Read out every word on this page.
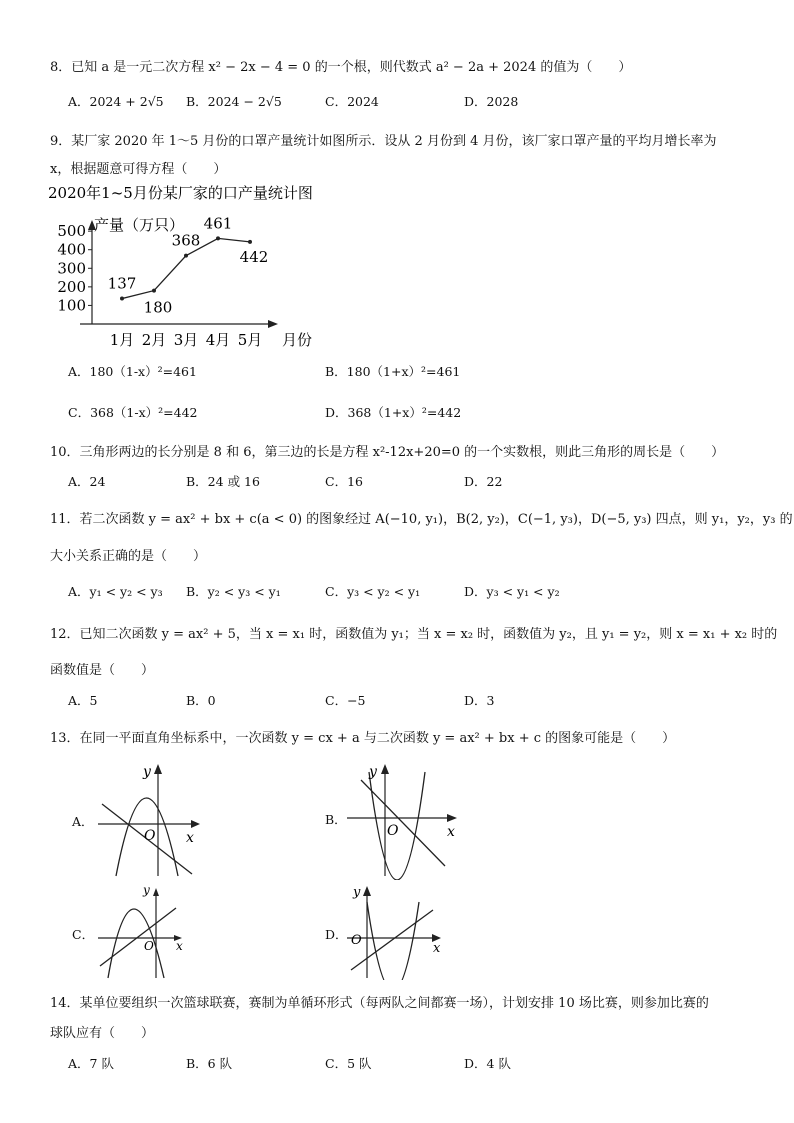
8．已知 a 是一元二次方程 x² − 2x − 4 = 0 的一个根，则代数式 a² − 2a + 2024 的值为（　　）
A．2024 + 2√5 B．2024 − 2√5	C．2024	D．2028
9．某厂家 2020 年 1～5 月份的口罩产量统计如图所示．设从 2 月份到 4 月份，该厂家口罩产量的平均月增长率为
x，根据题意可得方程（　　）
2020年1~5月份某厂家的口产量统计图
产量（万只）
100
200
300
400
500
1月 2月 3月 4月 5月
137
180
368
461
442
月份
A．180（1-x）²=461	B．180（1+x）²=461
C．368（1-x）²=442	D．368（1+x）²=442
10．三角形两边的长分别是 8 和 6，第三边的长是方程 x²-12x+20=0 的一个实数根，则此三角形的周长是（　　）
A．24	B．24 或 16	C．16	D．22
11．若二次函数 y = ax² + bx + c(a < 0) 的图象经过 A(−10, y₁)，B(2, y₂)，C(−1, y₃)，D(−5, y₃) 四点，则 y₁，y₂，y₃ 的
大小关系正确的是（　　）
A．y₁ < y₂ < y₃ B．y₂ < y₃ < y₁	C．y₃ < y₂ < y₁	D．y₃ < y₁ < y₂
12．已知二次函数 y = ax² + 5，当 x = x₁ 时，函数值为 y₁；当 x = x₂ 时，函数值为 y₂，且 y₁ = y₂，则 x = x₁ + x₂ 时的
函数值是（　　）
A．5	B．0	C．−5	D．3
13．在同一平面直角坐标系中，一次函数 y = cx + a 与二次函数 y = ax² + bx + c 的图象可能是（　　）
A．
O x
y
B．
O	x
y
C．
O x
y
D． O
x
y
14．某单位要组织一次篮球联赛，赛制为单循环形式（每两队之间都赛一场），计划安排 10 场比赛，则参加比赛的
球队应有（　　）
A．7 队	B．6 队	C．5 队	D．4 队
